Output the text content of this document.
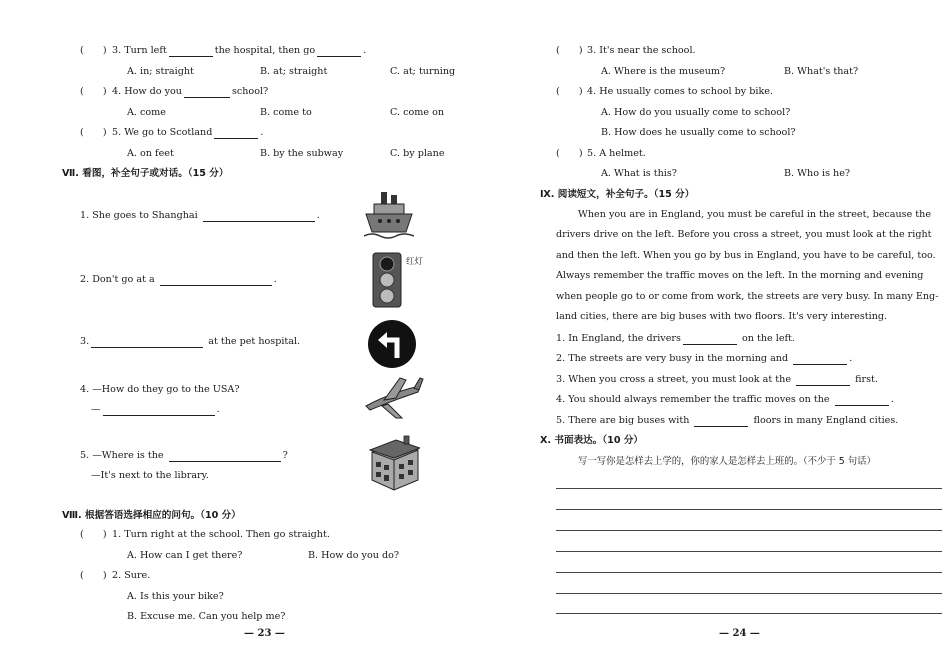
(　　) 3. Turn left	the hospital, then go	.
A. in; straight	B. at; straight	C. at; turning
(　　) 4. How do you	school?
A. come	B. come to	C. come on
(　　) 5. We go to Scotland	.
A. on feet	B. by the subway	C. by plane
Ⅶ. 看图，补全句子或对话。（15 分）
1. She goes to Shanghai	.
2. Don't go at a	.
3.	at the pet hospital.
4. —How do they go to the USA?
—	.
5. —Where is the	?
—It's next to the library.
红灯
Ⅷ. 根据答语选择相应的问句。（10 分）
(　　) 1. Turn right at the school. Then go straight.
A. How can I get there?	B. How do you do?
(　　) 2. Sure.
A. Is this your bike?
B. Excuse me. Can you help me?
— 23 —
(　　) 3. It's near the school.
A. Where is the museum?	B. What's that?
(　　) 4. He usually comes to school by bike.
A. How do you usually come to school?
B. How does he usually come to school?
(　　) 5. A helmet.
A. What is this?	B. Who is he?
Ⅸ. 阅读短文，补全句子。（15 分）
When you are in England, you must be careful in the street, because the
drivers drive on the left. Before you cross a street, you must look at the right
and then the left. When you go by bus in England, you have to be careful, too.
Always remember the traffic moves on the left. In the morning and evening
when people go to or come from work, the streets are very busy. In many Eng-
land cities, there are big buses with two floors. It's very interesting.
1. In England, the drivers	on the left.
2. The streets are very busy in the morning and	.
3. When you cross a street, you must look at the	first.
4. You should always remember the traffic moves on the	.
5. There are big buses with	floors in many England cities.
Ⅹ. 书面表达。（10 分）
写一写你是怎样去上学的，你的家人是怎样去上班的。（不少于 5 句话）
— 24 —
